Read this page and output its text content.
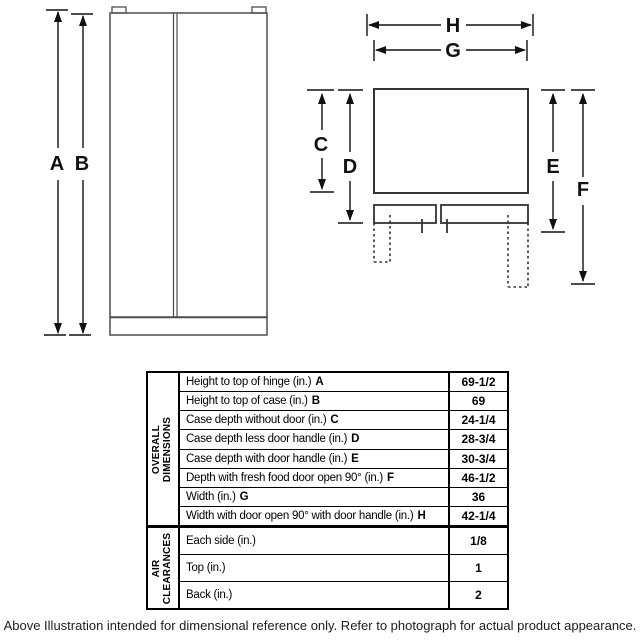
A B
H
G
C
D	E
F
OVERALL DIMENSIONS
Height to top of hinge (in.) A	69-1/2
Height to top of case (in.) B	69
Case depth without door (in.) C	24-1/4
Case depth less door handle (in.) D	28-3/4
Case depth with door handle (in.) E	30-3/4
Depth with fresh food door open 90° (in.) F	46-1/2
Width (in.) G	36
Width with door open 90° with door handle (in.) H	42-1/4
AIR CLEARANCES Each side (in.)	1/8
Top (in.)	1
Back (in.)	2
Above Illustration intended for dimensional reference only. Refer to photograph for actual product appearance.
